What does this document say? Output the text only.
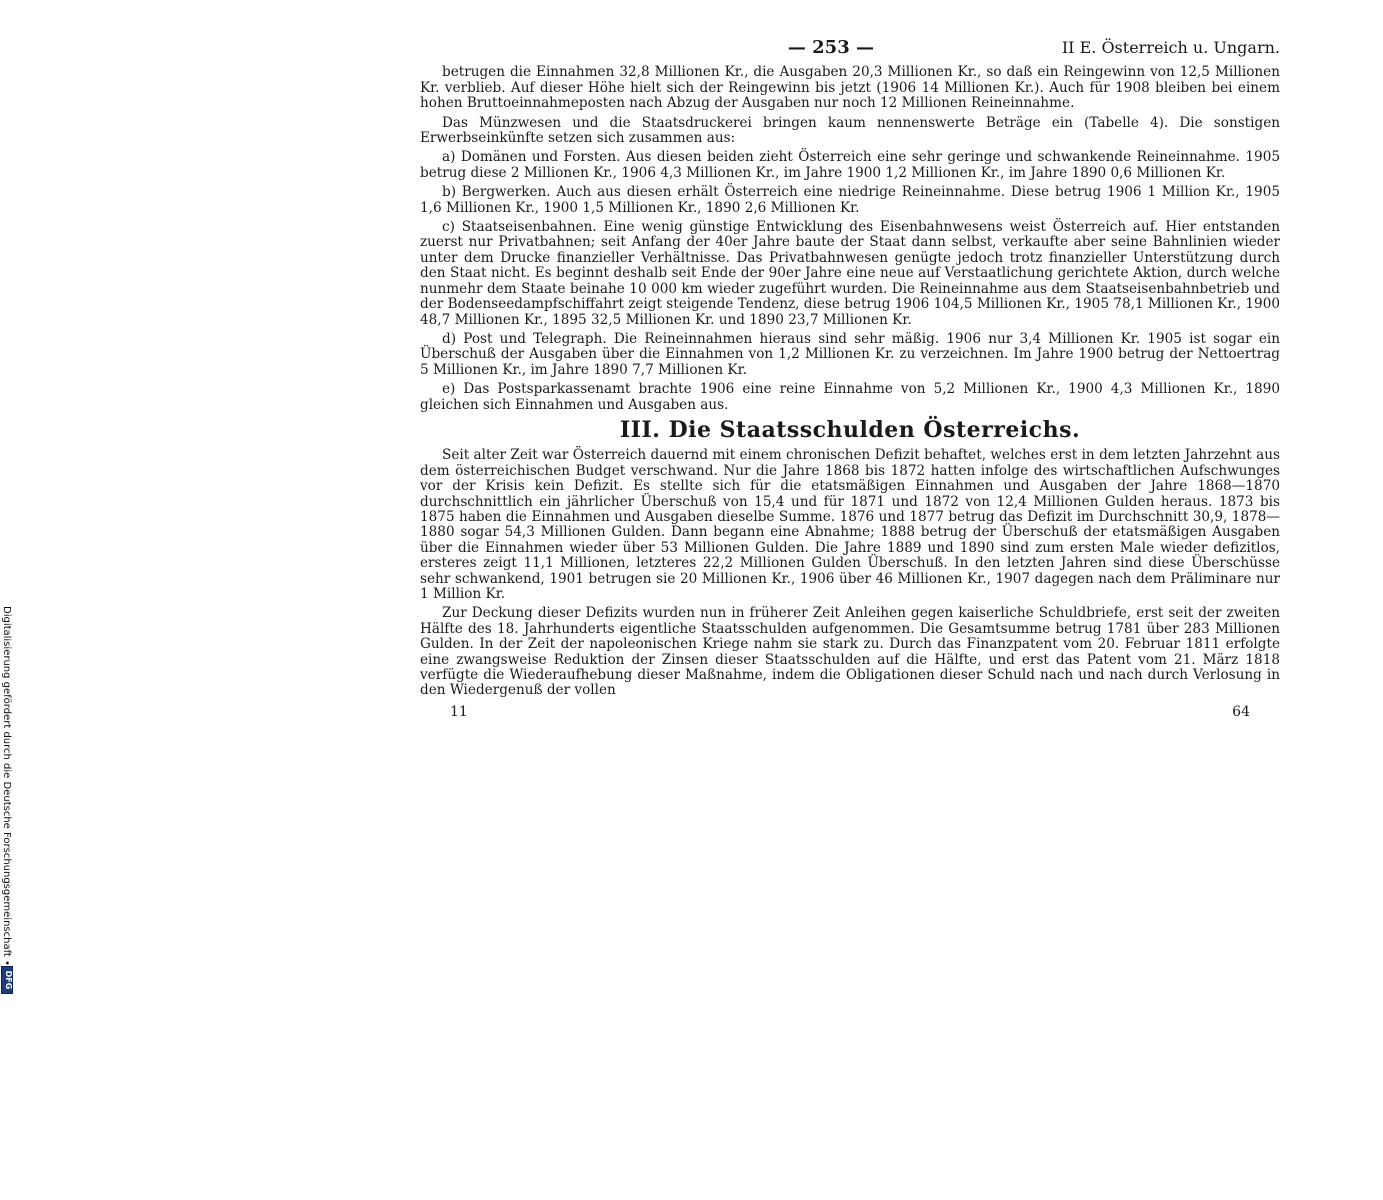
Digitalisierung gefördert durch die Deutsche Forschungsgemeinschaft •
DFG
— 253 —	II E. Österreich u. Ungarn.

betrugen die Einnahmen 32,8 Millionen Kr., die Ausgaben 20,3 Millionen Kr., so daß ein Reingewinn von 12,5 Millionen Kr. verblieb. Auf dieser Höhe hielt sich der Reingewinn bis jetzt (1906 14 Millionen Kr.). Auch für 1908 bleiben bei einem hohen Bruttoeinnahmeposten nach Abzug der Ausgaben nur noch 12 Millionen Reineinnahme.

Das Münzwesen und die Staatsdruckerei bringen kaum nennenswerte Beträge ein (Tabelle 4). Die sonstigen Erwerbseinkünfte setzen sich zusammen aus:

a) Domänen und Forsten. Aus diesen beiden zieht Österreich eine sehr geringe und schwankende Reineinnahme. 1905 betrug diese 2 Millionen Kr., 1906 4,3 Millionen Kr., im Jahre 1900 1,2 Millionen Kr., im Jahre 1890 0,6 Millionen Kr.

b) Bergwerken. Auch aus diesen erhält Österreich eine niedrige Reineinnahme. Diese betrug 1906 1 Million Kr., 1905 1,6 Millionen Kr., 1900 1,5 Millionen Kr., 1890 2,6 Millionen Kr.

c) Staatseisenbahnen. Eine wenig günstige Entwicklung des Eisenbahnwesens weist Österreich auf. Hier entstanden zuerst nur Privatbahnen; seit Anfang der 40er Jahre baute der Staat dann selbst, verkaufte aber seine Bahnlinien wieder unter dem Drucke finanzieller Verhältnisse. Das Privatbahnwesen genügte jedoch trotz finanzieller Unterstützung durch den Staat nicht. Es beginnt deshalb seit Ende der 90er Jahre eine neue auf Verstaatlichung gerichtete Aktion, durch welche nunmehr dem Staate beinahe 10 000 km wieder zugeführt wurden. Die Reineinnahme aus dem Staatseisenbahnbetrieb und der Bodenseedampfschiffahrt zeigt steigende Tendenz, diese betrug 1906 104,5 Millionen Kr., 1905 78,1 Millionen Kr., 1900 48,7 Millionen Kr., 1895 32,5 Millionen Kr. und 1890 23,7 Millionen Kr.

d) Post und Telegraph. Die Reineinnahmen hieraus sind sehr mäßig. 1906 nur 3,4 Millionen Kr. 1905 ist sogar ein Überschuß der Ausgaben über die Einnahmen von 1,2 Millionen Kr. zu verzeichnen. Im Jahre 1900 betrug der Nettoertrag 5 Millionen Kr., im Jahre 1890 7,7 Millionen Kr.

e) Das Postsparkassenamt brachte 1906 eine reine Einnahme von 5,2 Millionen Kr., 1900 4,3 Millionen Kr., 1890 gleichen sich Einnahmen und Ausgaben aus.

III. Die Staatsschulden Österreichs.

Seit alter Zeit war Österreich dauernd mit einem chronischen Defizit behaftet, welches erst in dem letzten Jahrzehnt aus dem österreichischen Budget verschwand. Nur die Jahre 1868 bis 1872 hatten infolge des wirtschaftlichen Aufschwunges vor der Krisis kein Defizit. Es stellte sich für die etatsmäßigen Einnahmen und Ausgaben der Jahre 1868—1870 durchschnittlich ein jährlicher Überschuß von 15,4 und für 1871 und 1872 von 12,4 Millionen Gulden heraus. 1873 bis 1875 haben die Einnahmen und Ausgaben dieselbe Summe. 1876 und 1877 betrug das Defizit im Durchschnitt 30,9, 1878—1880 sogar 54,3 Millionen Gulden. Dann begann eine Abnahme; 1888 betrug der Überschuß der etatsmäßigen Ausgaben über die Einnahmen wieder über 53 Millionen Gulden. Die Jahre 1889 und 1890 sind zum ersten Male wieder defizitlos, ersteres zeigt 11,1 Millionen, letzteres 22,2 Millionen Gulden Überschuß. In den letzten Jahren sind diese Überschüsse sehr schwankend, 1901 betrugen sie 20 Millionen Kr., 1906 über 46 Millionen Kr., 1907 dagegen nach dem Präliminare nur 1 Million Kr.

Zur Deckung dieser Defizits wurden nun in früherer Zeit Anleihen gegen kaiserliche Schuldbriefe, erst seit der zweiten Hälfte des 18. Jahrhunderts eigentliche Staatsschulden aufgenommen. Die Gesamtsumme betrug 1781 über 283 Millionen Gulden. In der Zeit der napoleonischen Kriege nahm sie stark zu. Durch das Finanzpatent vom 20. Februar 1811 erfolgte eine zwangsweise Reduktion der Zinsen dieser Staatsschulden auf die Hälfte, und erst das Patent vom 21. März 1818 verfügte die Wiederaufhebung dieser Maßnahme, indem die Obligationen dieser Schuld nach und nach durch Verlosung in den Wiedergenuß der vollen

11	64
